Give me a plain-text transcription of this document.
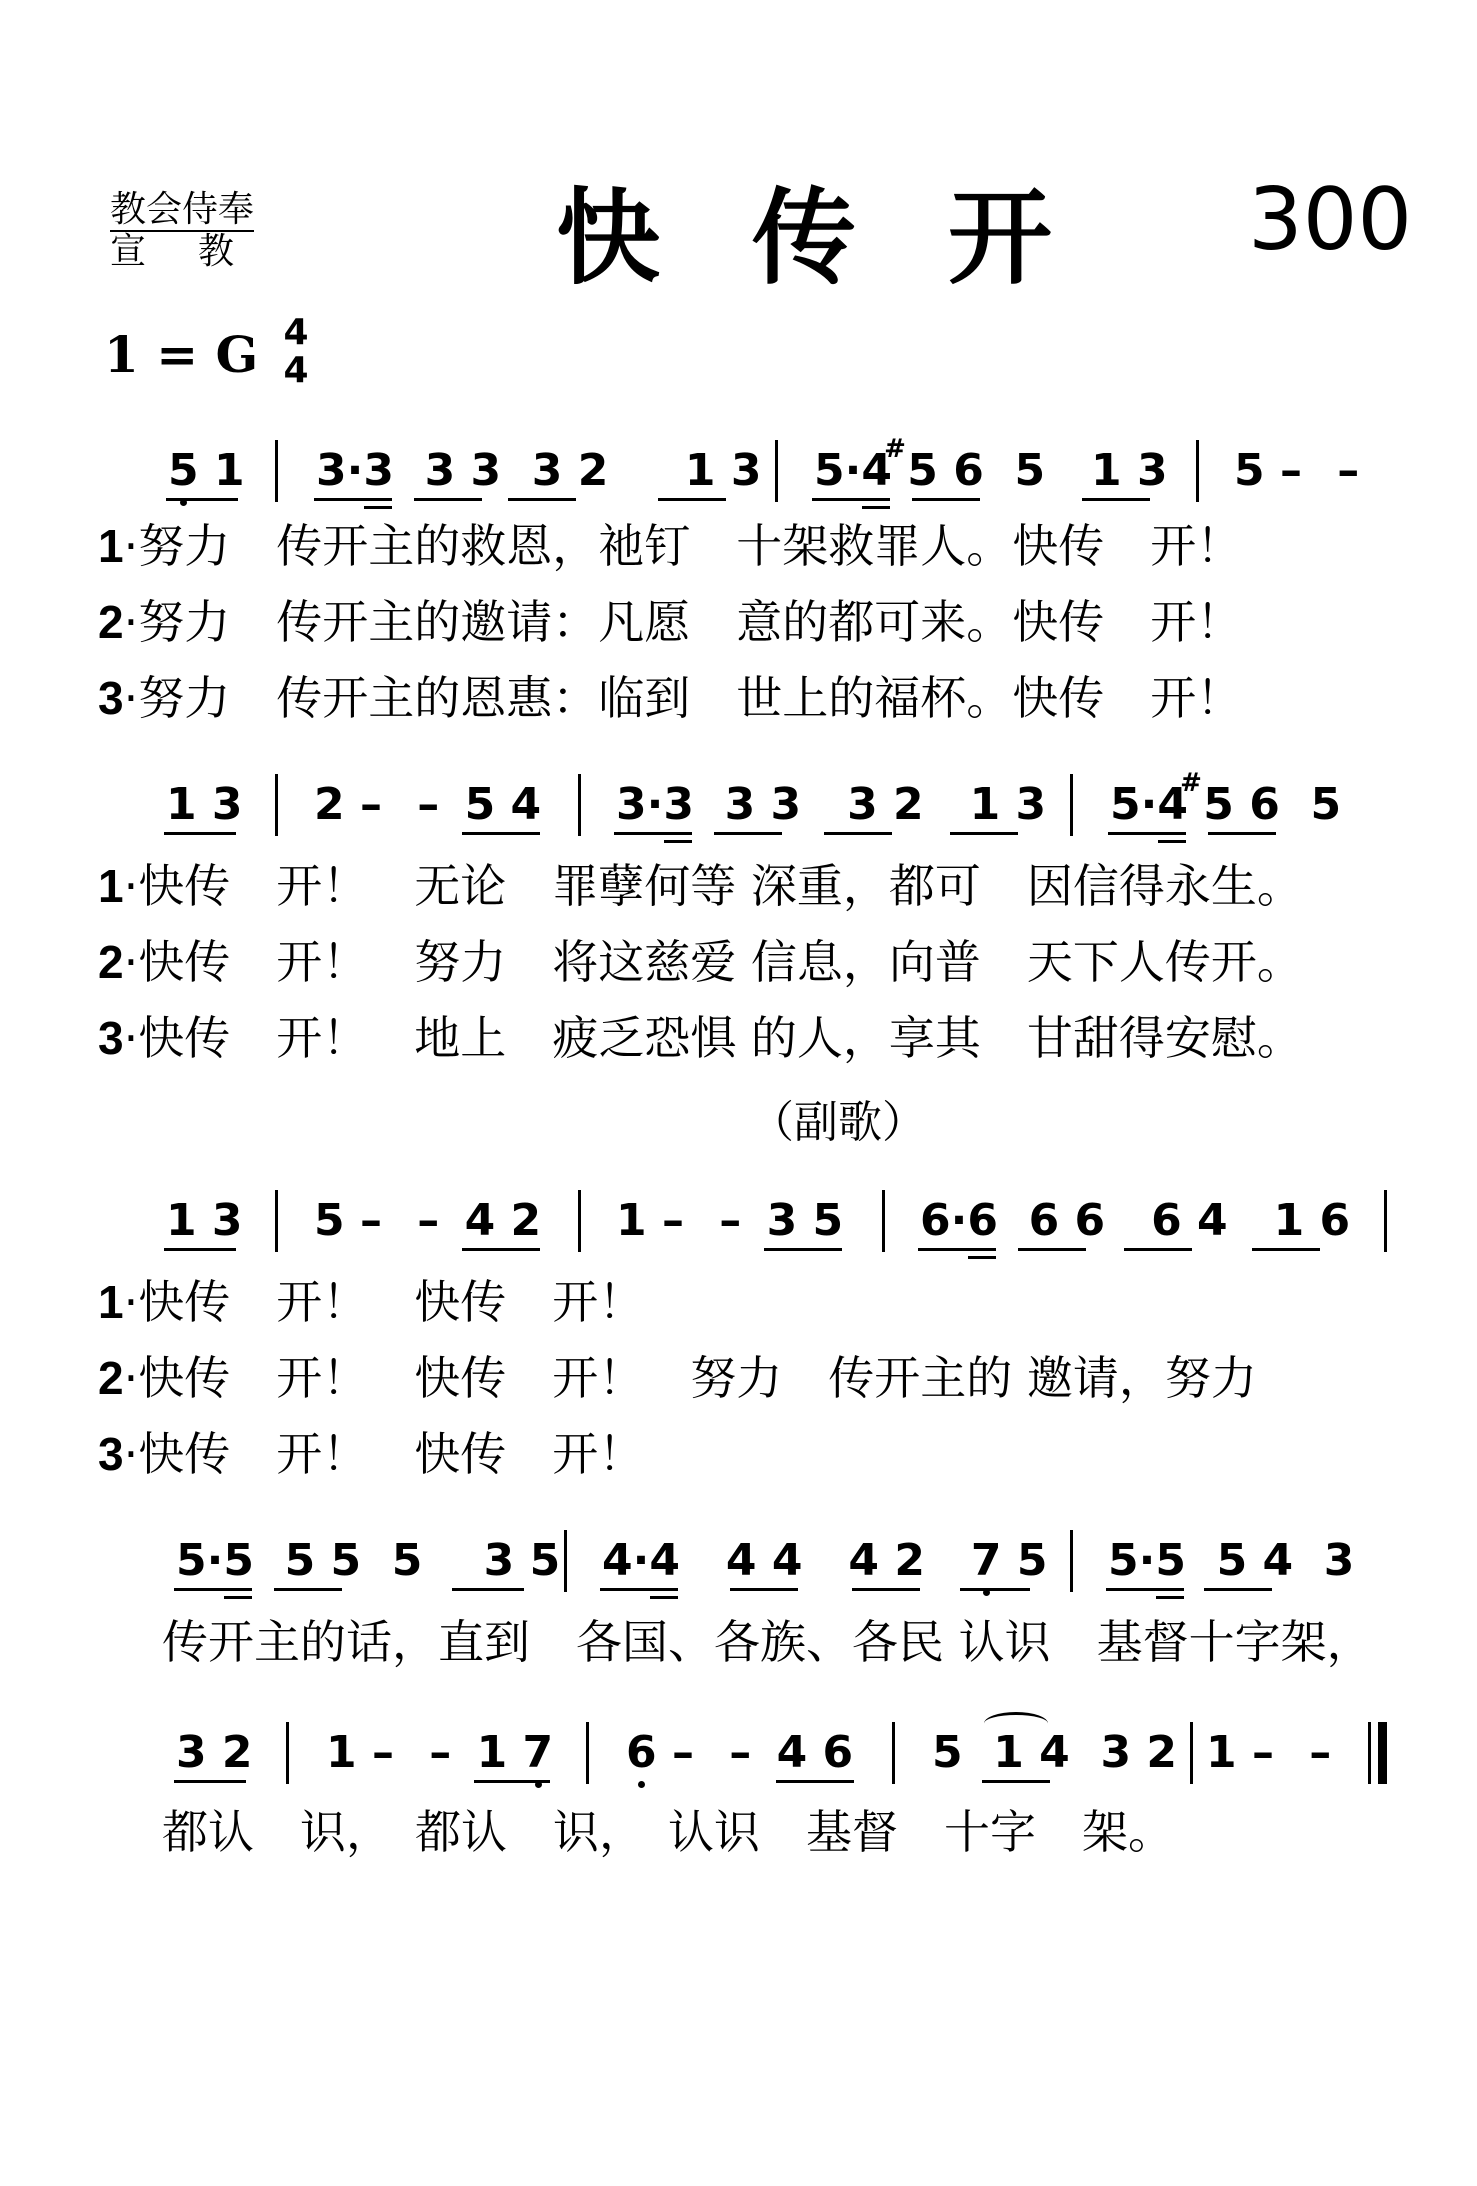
教会侍奉
宣教	快传开 300
1 = G 4
4
5 1 3·3  3 3  3 2     1 3 5·# 4 5 6  5   1 3 5 – –
1·努力　传开主的救恩，祂钉　十架救罪人。快传　开！
2·努力　传开主的邀请：凡愿　意的都可来。快传　开！
3·努力　传开主的恩惠：临到　世上的福杯。快传　开！
1 3 2 – – 5 4 3·3  3 3   3 2   1 3 5·# 4 5 6  5
1·快传　开！　无论　罪孽何等 深重，都可　因信得永生。
2·快传　开！　努力　将这慈爱 信息，向普　天下人传开。
3·快传　开！　地上　疲乏恐惧 的人，享其　甘甜得安慰。
（副歌）
1 3 5 – – 4 2 1 – – 3 5 6·6  6 6   6 4   1 6
1·快传　开！　快传　开！
2·快传　开！　快传　开！　努力　传开主的 邀请，努力
3·快传　开！　快传　开！
5·5  5 5  5    3 5 4·4   4 4   4 2   7 5 5·5  5 4  3
传开主的话，直到　各国、各族、各民 认识　基督十字架，
3 2 1 – – 1 7 6 – – 4 6 5  1 4  3 2 1 – –
都认　识，　都认　识，　认识　基督　十字　架。
